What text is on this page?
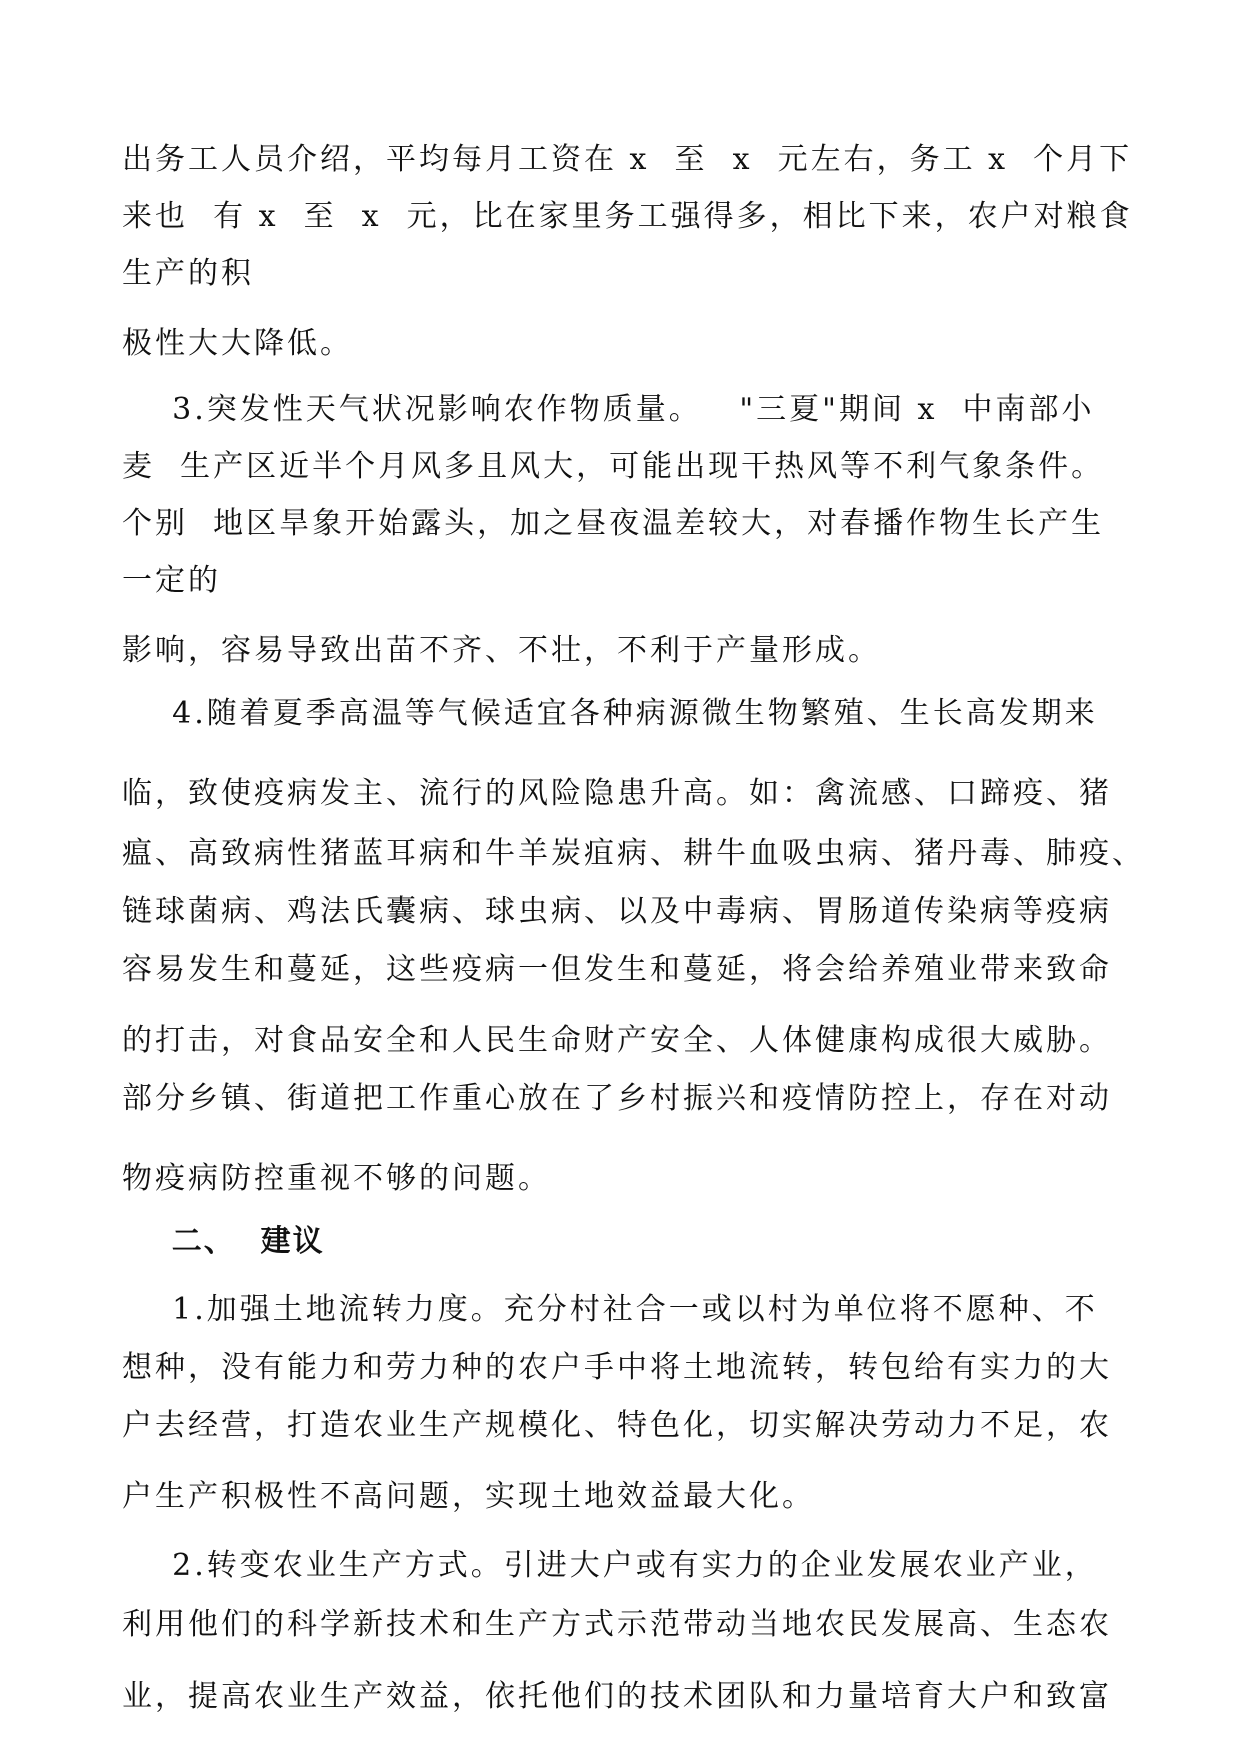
出务工人员介绍，平均每月工资在 x  至  x  元左右，务工 x  个月下

来也  有 x  至  x  元，比在家里务工强得多，相比下来，农户对粮食

生产的积

极性大大降低。

3.突发性天气状况影响农作物质量。   "三夏"期间 x  中南部小

麦  生产区近半个月风多且风大，可能出现干热风等不利气象条件。

个别  地区旱象开始露头，加之昼夜温差较大，对春播作物生长产生

一定的

影响，容易导致出苗不齐、不壮，不利于产量形成。

4.随着夏季高温等气候适宜各种病源微生物繁殖、生长高发期来

临，致使疫病发主、流行的风险隐患升高。如：禽流感、口蹄疫、猪

瘟、高致病性猪蓝耳病和牛羊炭疽病、耕牛血吸虫病、猪丹毒、肺疫、

链球菌病、鸡法氏囊病、球虫病、以及中毒病、胃肠道传染病等疫病

容易发生和蔓延，这些疫病一但发生和蔓延，将会给养殖业带来致命

的打击，对食品安全和人民生命财产安全、人体健康构成很大威胁。

部分乡镇、街道把工作重心放在了乡村振兴和疫情防控上，存在对动

物疫病防控重视不够的问题。

二、  建议

1.加强土地流转力度。充分村社合一或以村为单位将不愿种、不

想种，没有能力和劳力种的农户手中将土地流转，转包给有实力的大

户去经营，打造农业生产规模化、特色化，切实解决劳动力不足，农

户生产积极性不高问题，实现土地效益最大化。

2.转变农业生产方式。引进大户或有实力的企业发展农业产业，

利用他们的科学新技术和生产方式示范带动当地农民发展高、生态农

业，提高农业生产效益，依托他们的技术团队和力量培育大户和致富
